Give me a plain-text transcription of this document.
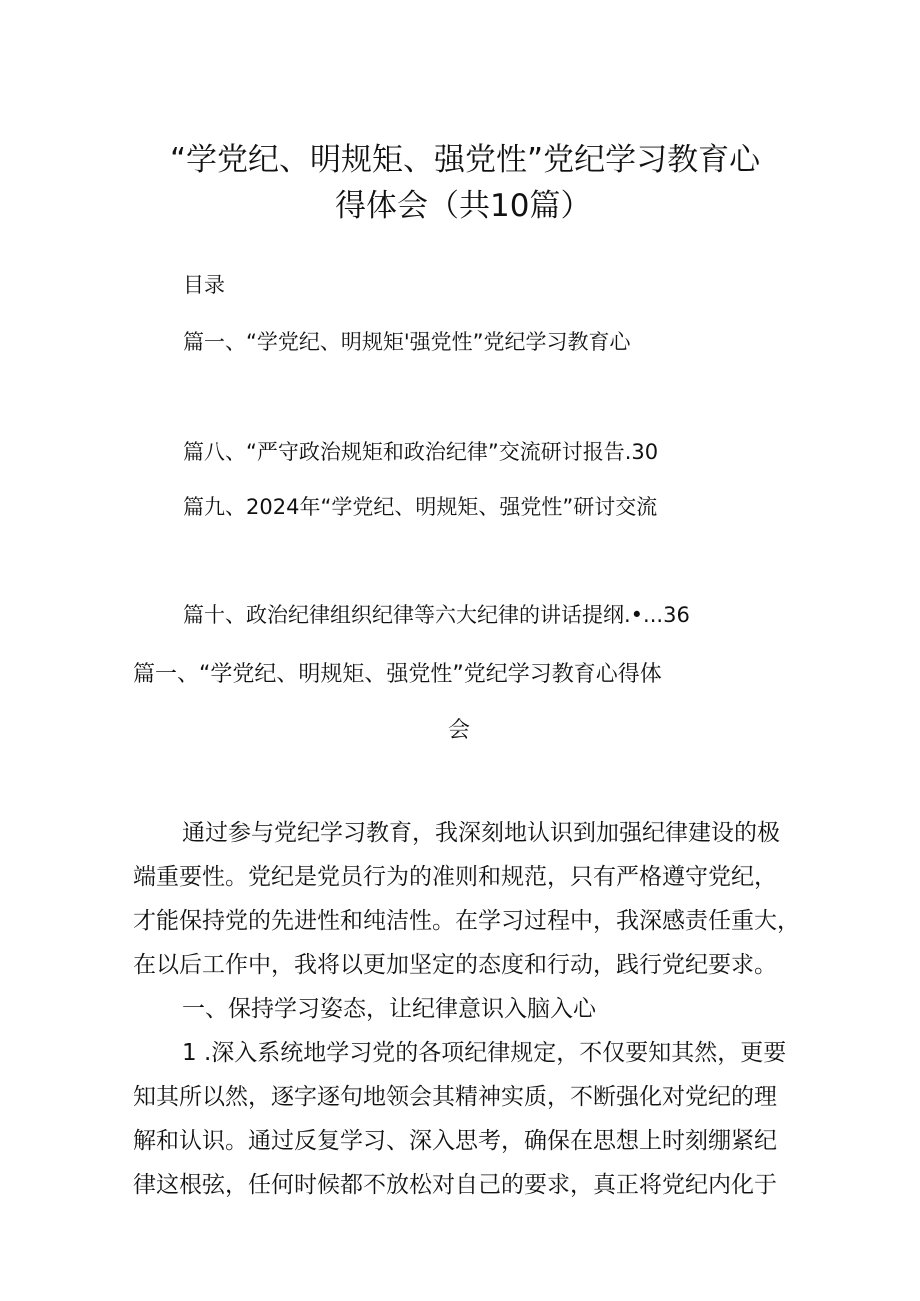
“学党纪、明规矩、强党性”党纪学习教育心
得体会（共10篇）
目录
篇一、“学党纪、明规矩'强党性”党纪学习教育心
篇八、“严守政治规矩和政治纪律”交流研讨报告.30
篇九、2024年“学党纪、明规矩、强党性”研讨交流
篇十、政治纪律组织纪律等六大纪律的讲话提纲.•...36
篇一、“学党纪、明规矩、强党性”党纪学习教育心得体
会

通过参与党纪学习教育，我深刻地认识到加强纪律建设的极

端重要性。党纪是党员行为的准则和规范，只有严格遵守党纪，

才能保持党的先进性和纯洁性。在学习过程中，我深感责任重大，

在以后工作中，我将以更加坚定的态度和行动，践行党纪要求。

一、保持学习姿态，让纪律意识入脑入心

1 .深入系统地学习党的各项纪律规定，不仅要知其然，更要

知其所以然，逐字逐句地领会其精神实质，不断强化对党纪的理

解和认识。通过反复学习、深入思考，确保在思想上时刻绷紧纪

律这根弦，任何时候都不放松对自己的要求，真正将党纪内化于
